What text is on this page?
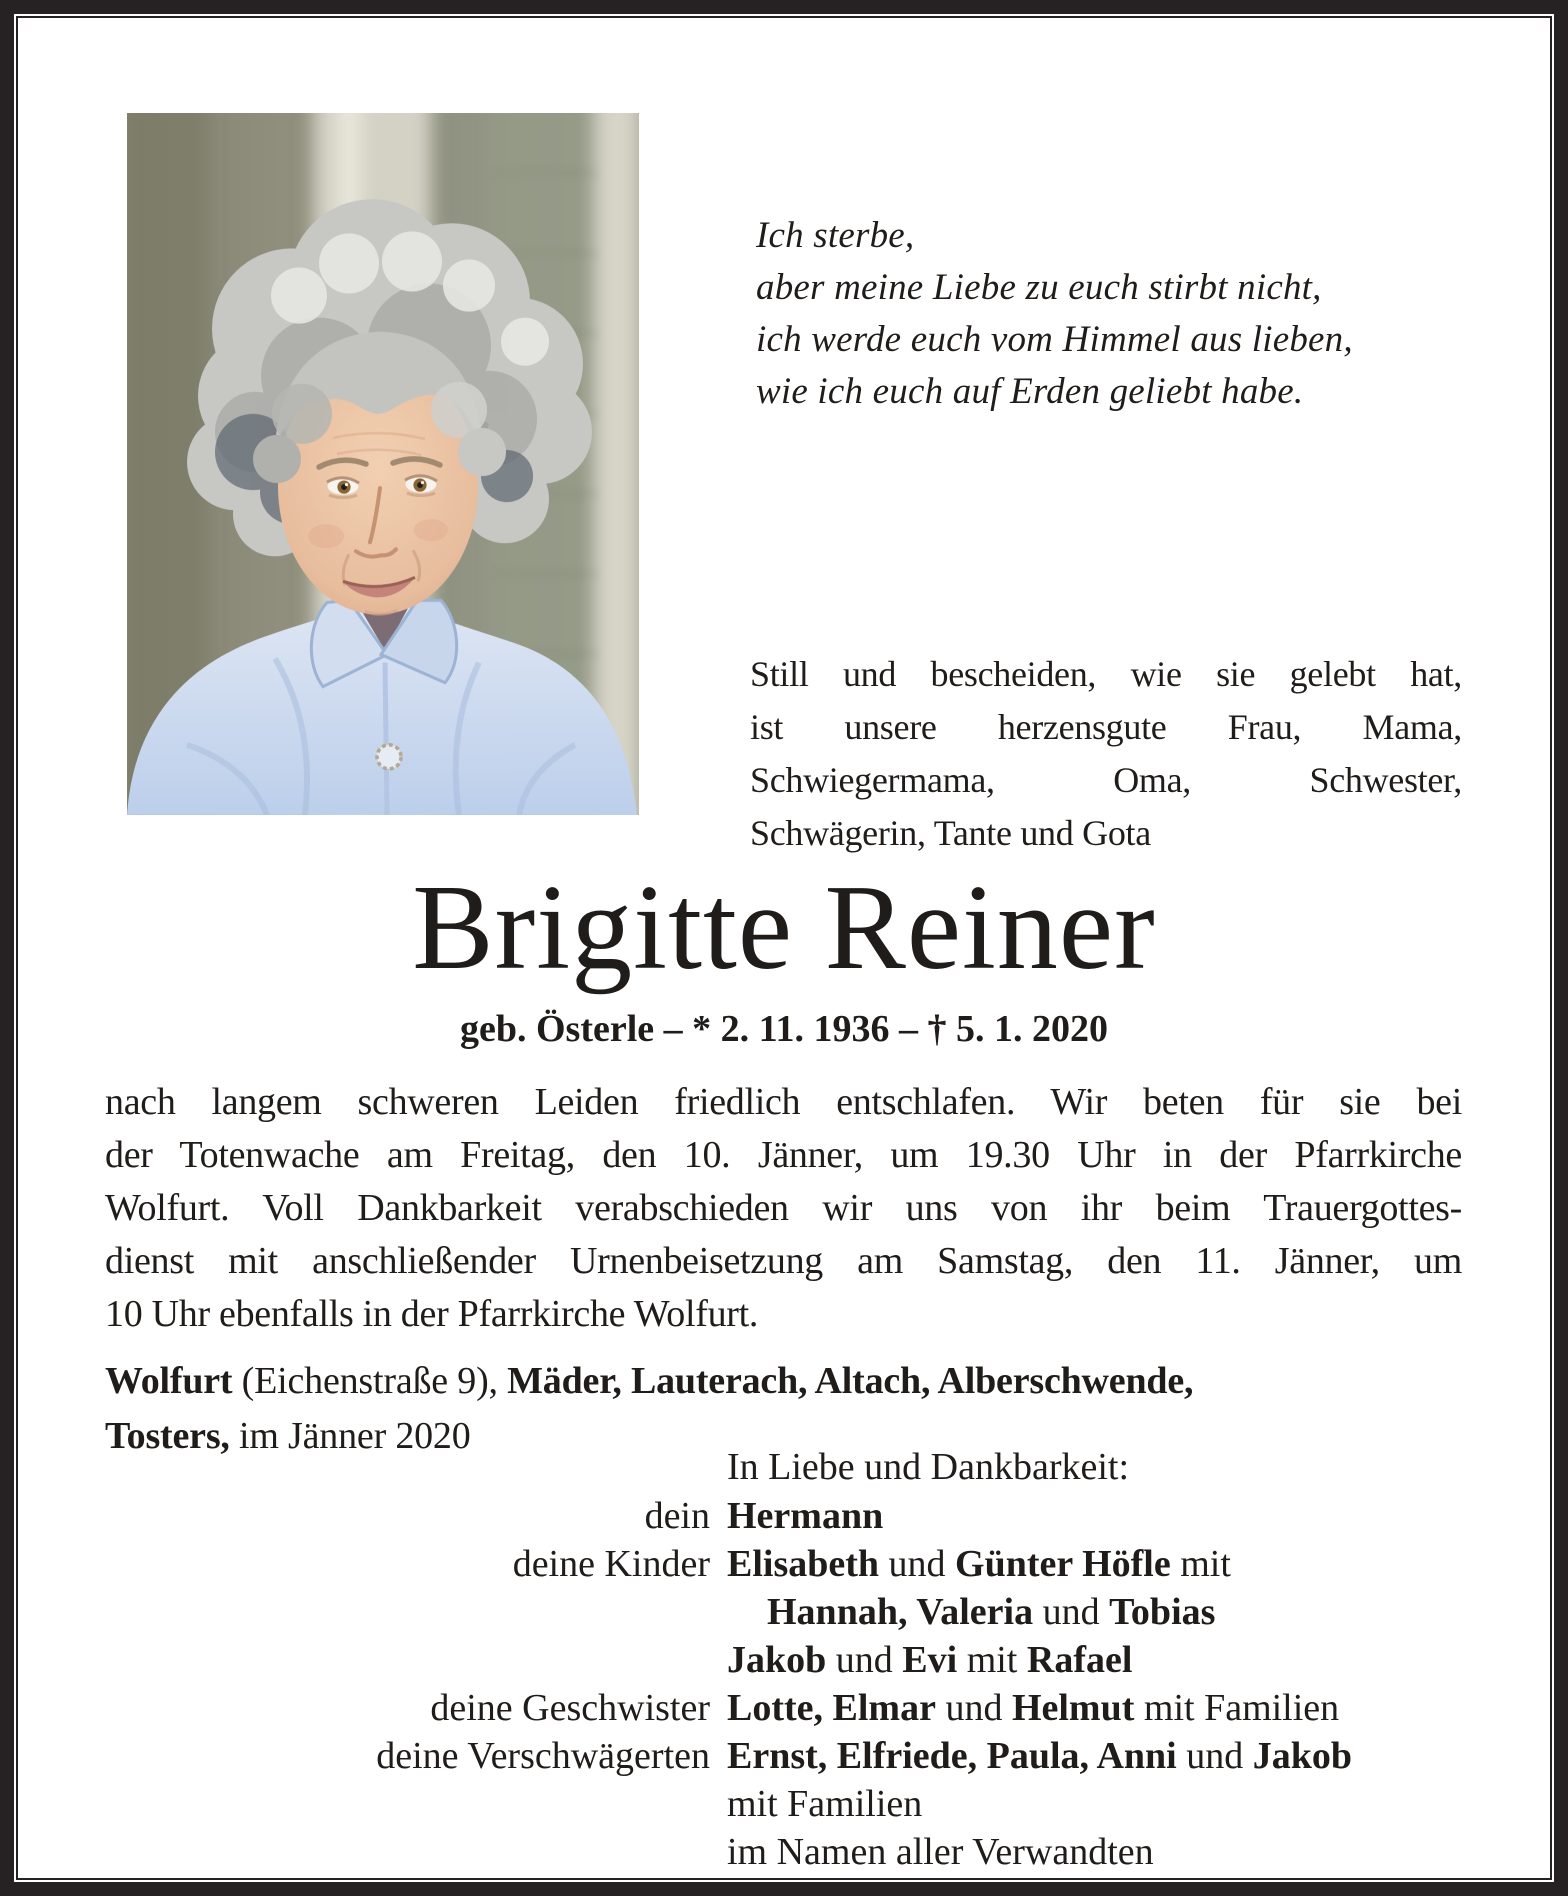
Ich sterbe,
aber meine Liebe zu euch stirbt nicht,
ich werde euch vom Himmel aus lieben,
wie ich euch auf Erden geliebt habe.
Still und bescheiden, wie sie gelebt hat,
ist unsere herzensgute Frau, Mama,
Schwiegermama, Oma, Schwester,
Schwägerin, Tante und Gota
Brigitte Reiner
geb. Österle – * 2. 11. 1936 – † 5. 1. 2020
nach langem schweren Leiden friedlich entschlafen. Wir beten für sie bei
der Totenwache am Freitag, den 10. Jänner, um 19.30 Uhr in der Pfarrkirche
Wolfurt. Voll Dankbarkeit verabschieden wir uns von ihr beim Trauergottes-
dienst mit anschließender Urnenbeisetzung am Samstag, den 11. Jänner, um
10 Uhr ebenfalls in der Pfarrkirche Wolfurt.
Wolfurt (Eichenstraße 9), Mäder, Lauterach, Altach, Alberschwende,
Tosters, im Jänner 2020
In Liebe und Dankbarkeit:
dein Hermann
deine Kinder Elisabeth und Günter Höfle mit
Hannah, Valeria und Tobias
Jakob und Evi mit Rafael
deine Geschwister Lotte, Elmar und Helmut mit Familien
deine Verschwägerten Ernst, Elfriede, Paula, Anni und Jakob
mit Familien
im Namen aller Verwandten
